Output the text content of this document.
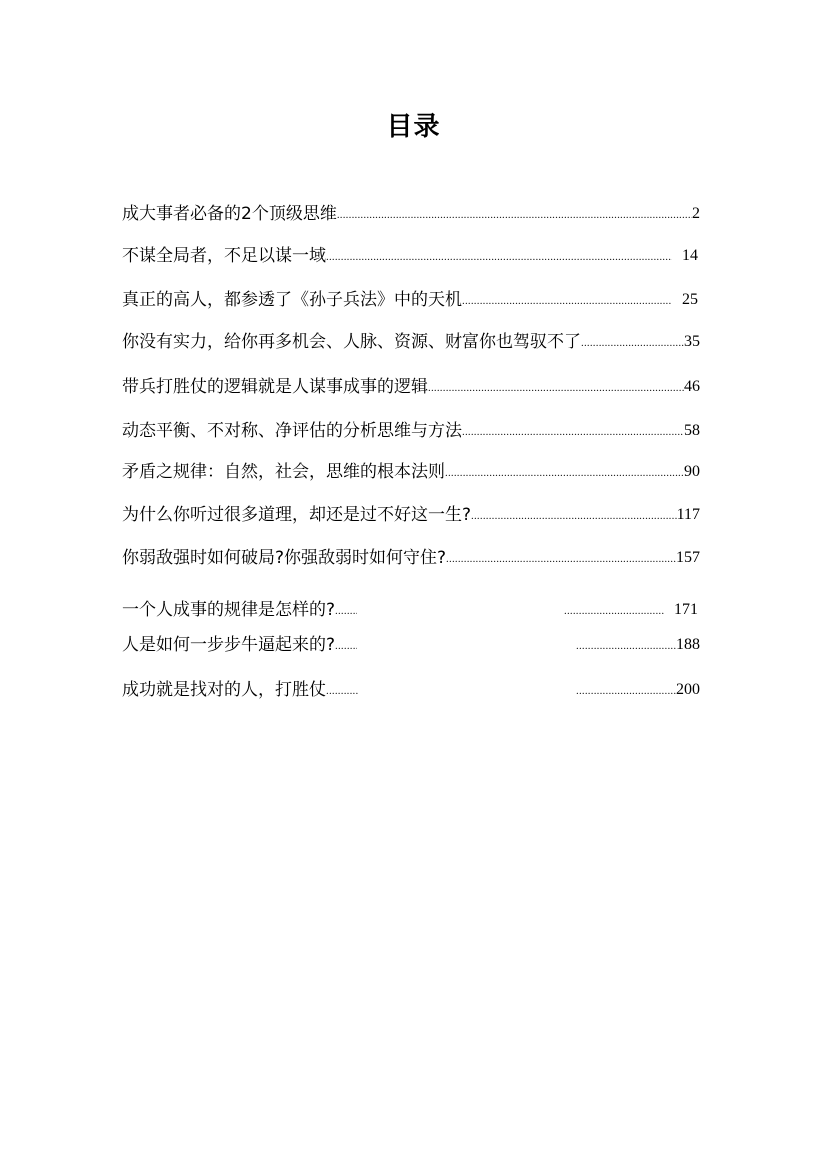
目录
成大事者必备的2个顶级思维 .....	2
不谋全局者，不足以谋一域 .....	14
真正的高人，都参透了《孙子兵法》中的天机 .....	25
你没有实力，给你再多机会、人脉、资源、财富你也驾驭不了 .....	35
带兵打胜仗的逻辑就是人谋事成事的逻辑 .....	46
动态平衡、不对称、净评估的分析思维与方法 .....	58
矛盾之规律：自然，社会，思维的根本法则 .....	90
为什么你听过很多道理，却还是过不好这一生? .....	117
你弱敌强时如何破局?你强敌弱时如何守住? .....	157
一个人成事的规律是怎样的? ..... .....	171
人是如何一步步牛逼起来的? ..... .....	188
成功就是找对的人，打胜仗 ..... .....	200
